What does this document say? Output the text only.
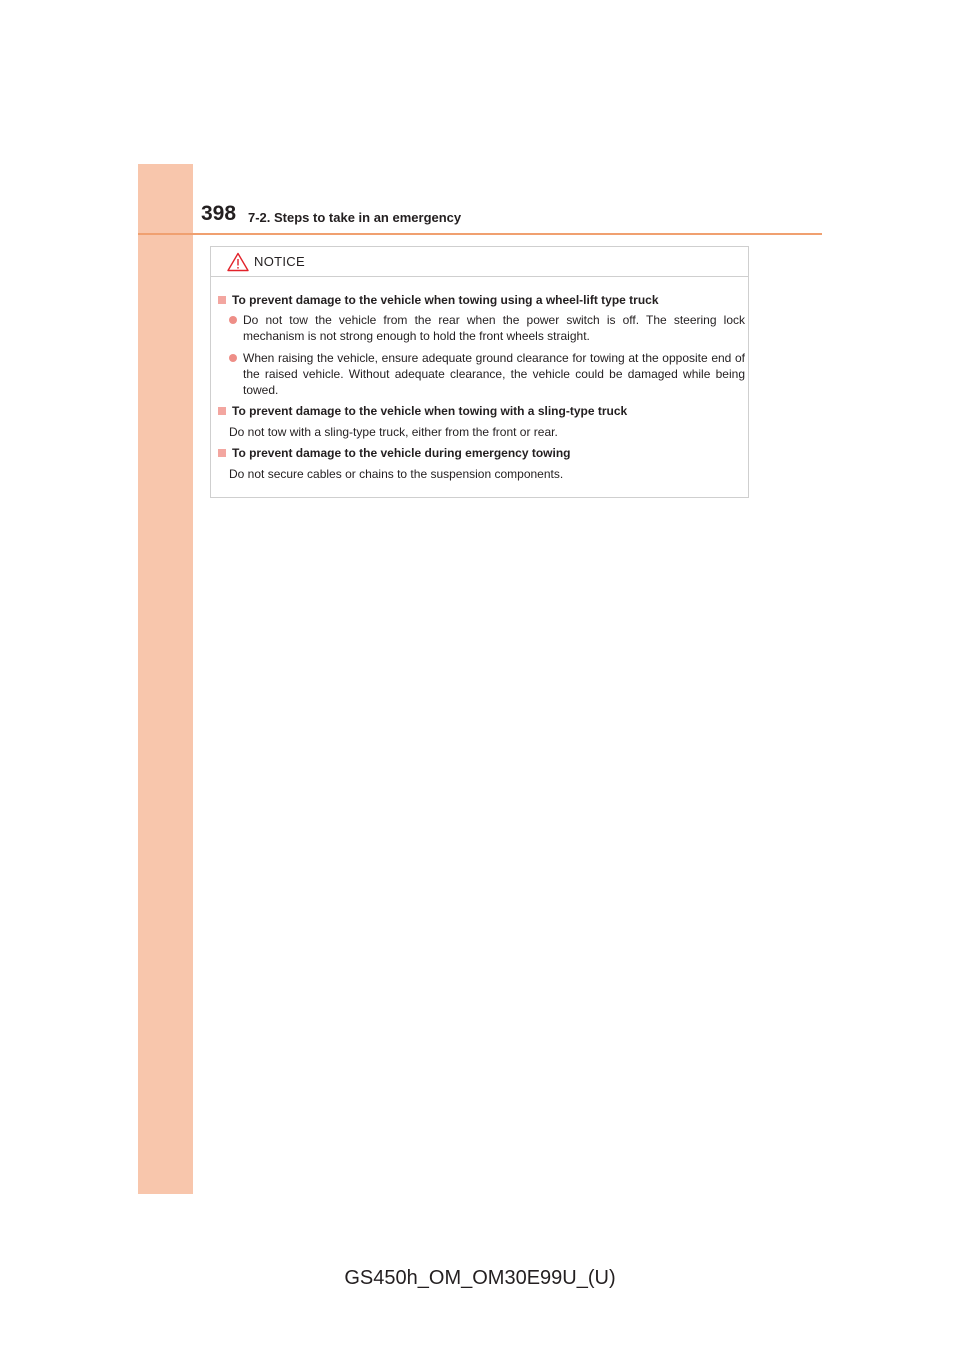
398 7-2. Steps to take in an emergency
NOTICE
To prevent damage to the vehicle when towing using a wheel-lift type truck
Do not tow the vehicle from the rear when the power switch is off. The steering lock mechanism is not strong enough to hold the front wheels straight.
When raising the vehicle, ensure adequate ground clearance for towing at the opposite end of the raised vehicle. Without adequate clearance, the vehicle could be damaged while being towed.
To prevent damage to the vehicle when towing with a sling-type truck
Do not tow with a sling-type truck, either from the front or rear.
To prevent damage to the vehicle during emergency towing
Do not secure cables or chains to the suspension components.
GS450h_OM_OM30E99U_(U)
